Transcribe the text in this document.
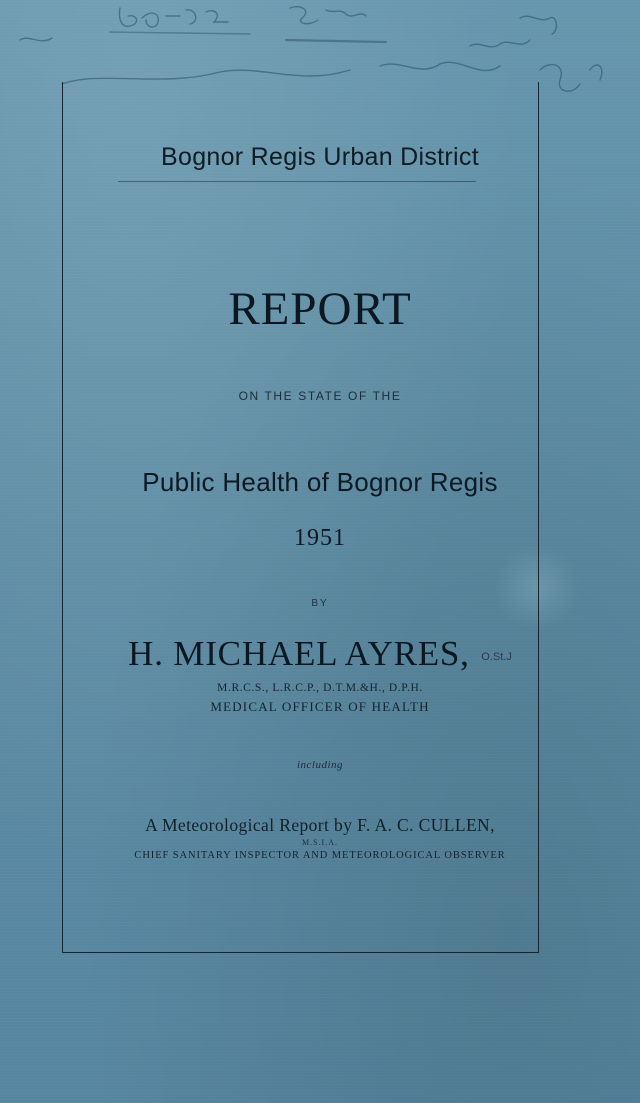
Bognor Regis Urban District
REPORT
ON THE STATE OF THE
Public Health of Bognor Regis
1951
BY
H. MICHAEL AYRES, O.St.J
M.R.C.S., L.R.C.P., D.T.M.&H., D.P.H.
MEDICAL OFFICER OF HEALTH
including
A Meteorological Report by F. A. C. CULLEN,
M.S.I.A.
CHIEF SANITARY INSPECTOR AND METEOROLOGICAL OBSERVER
